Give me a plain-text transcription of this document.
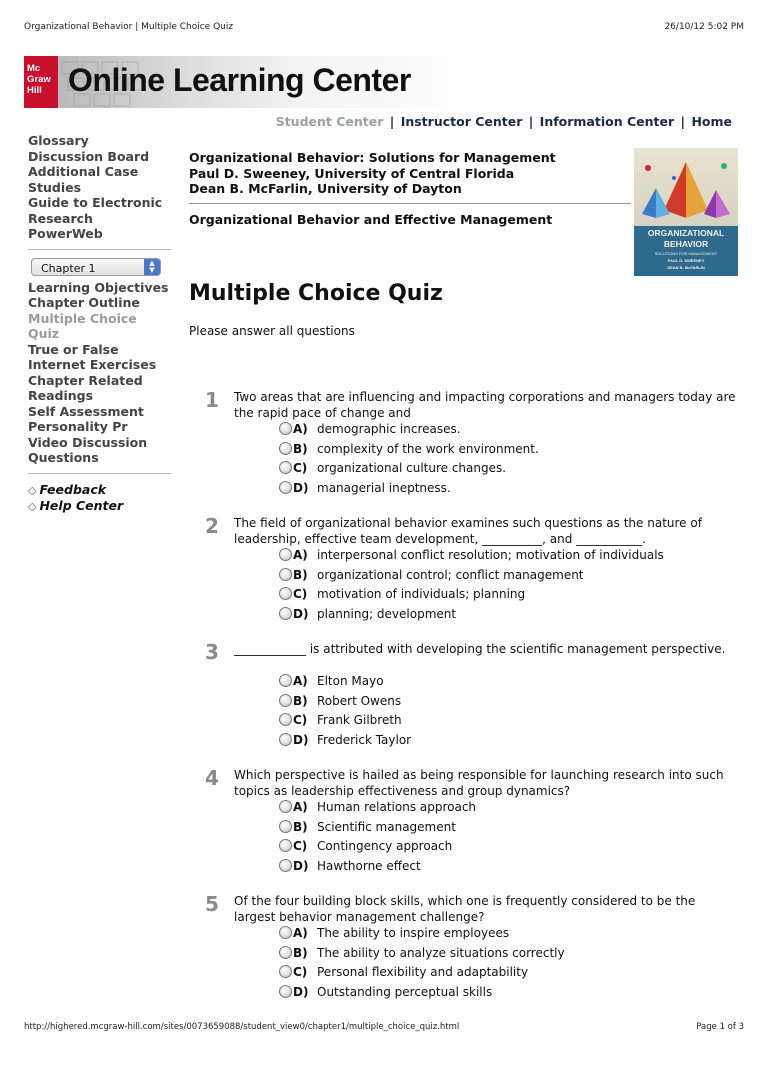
Organizational Behavior | Multiple Choice Quiz	26/10/12 5:02 PM
Mc
Graw
Hill Online Learning Center
Student Center | Instructor Center | Information Center | Home
Glossary
Discussion Board
Additional Case
Studies
Guide to Electronic
Research
PowerWeb
Chapter 1	▲
▼
Learning Objectives
Chapter Outline
Multiple Choice Quiz
True or False
Internet Exercises
Chapter Related
Readings
Self Assessment
Personality Pr
Video Discussion
Questions
◇ Feedback
◇ Help Center
Organizational Behavior: Solutions for Management
Paul D. Sweeney, University of Central Florida
Dean B. McFarlin, University of Dayton
Organizational Behavior and Effective Management
ORGANIZATIONAL
BEHAVIOR
SOLUTIONS FOR MANAGEMENT
PAUL D. SWEENEY
DEAN B. McFARLIN
Multiple Choice Quiz
Please answer all questions
1 Two areas that are influencing and impacting corporations and managers today are the rapid pace of change and
A) demographic increases.
B) complexity of the work environment.
C) organizational culture changes.
D) managerial ineptness.
2 The field of organizational behavior examines such questions as the nature of leadership, effective team development, __________, and ___________.
A) interpersonal conflict resolution; motivation of individuals
B) organizational control; conflict management
C) motivation of individuals; planning
D) planning; development
3 ____________ is attributed with developing the scientific management perspective.
A) Elton Mayo
B) Robert Owens
C) Frank Gilbreth
D) Frederick Taylor
4 Which perspective is hailed as being responsible for launching research into such topics as leadership effectiveness and group dynamics?
A) Human relations approach
B) Scientific management
C) Contingency approach
D) Hawthorne effect
5 Of the four building block skills, which one is frequently considered to be the largest behavior management challenge?
A) The ability to inspire employees
B) The ability to analyze situations correctly
C) Personal flexibility and adaptability
D) Outstanding perceptual skills
http://highered.mcgraw-hill.com/sites/0073659088/student_view0/chapter1/multiple_choice_quiz.html	Page 1 of 3
